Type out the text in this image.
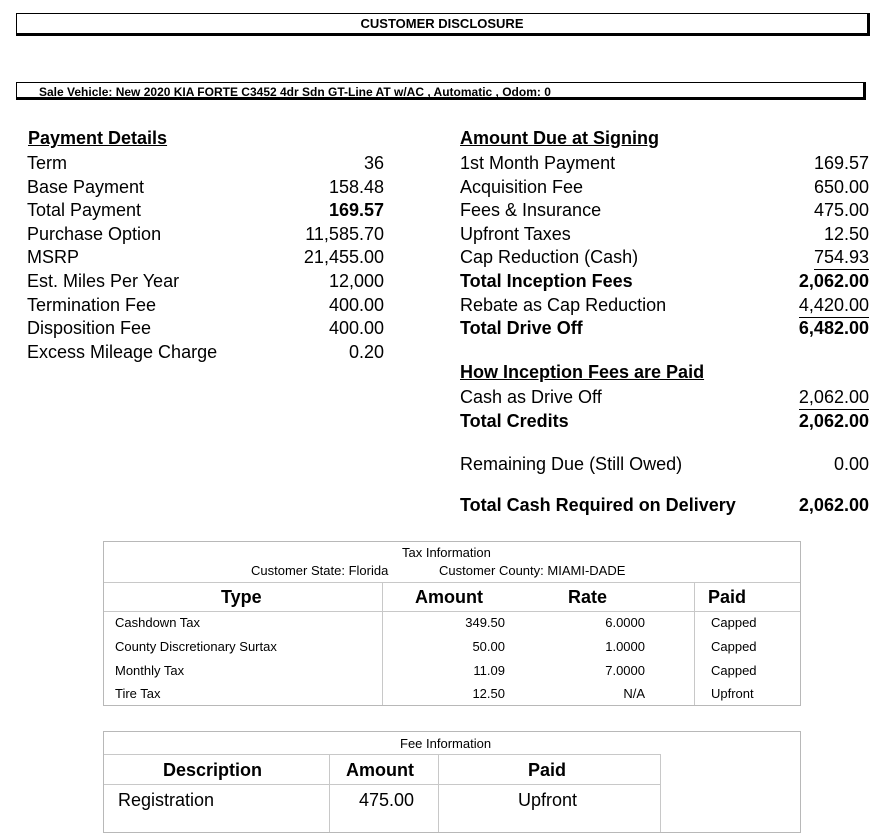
CUSTOMER DISCLOSURE
Sale Vehicle: New 2020 KIA FORTE C3452 4dr Sdn GT-Line AT w/AC , Automatic , Odom: 0
Payment Details
Term	36
Base Payment	158.48
Total Payment	169.57
Purchase Option	11,585.70
MSRP	21,455.00
Est. Miles Per Year	12,000
Termination Fee	400.00
Disposition Fee	400.00
Excess Mileage Charge	0.20
Amount Due at Signing
1st Month Payment	169.57
Acquisition Fee	650.00
Fees & Insurance	475.00
Upfront Taxes	12.50
Cap Reduction (Cash)	754.93
Total Inception Fees	2,062.00
Rebate as Cap Reduction	4,420.00
Total Drive Off	6,482.00
How Inception Fees are Paid
Cash as Drive Off	2,062.00
Total Credits	2,062.00
Remaining Due (Still Owed)	0.00
Total Cash Required on Delivery	2,062.00
Tax Information
Customer State: Florida	Customer County: MIAMI-DADE
Type	Amount	Rate	Paid
Cashdown Tax	349.50	6.0000	Capped
County Discretionary Surtax	50.00	1.0000	Capped
Monthly Tax	11.09	7.0000	Capped
Tire Tax	12.50	N/A	Upfront
Fee Information
Description	Amount	Paid
Registration	475.00	Upfront
